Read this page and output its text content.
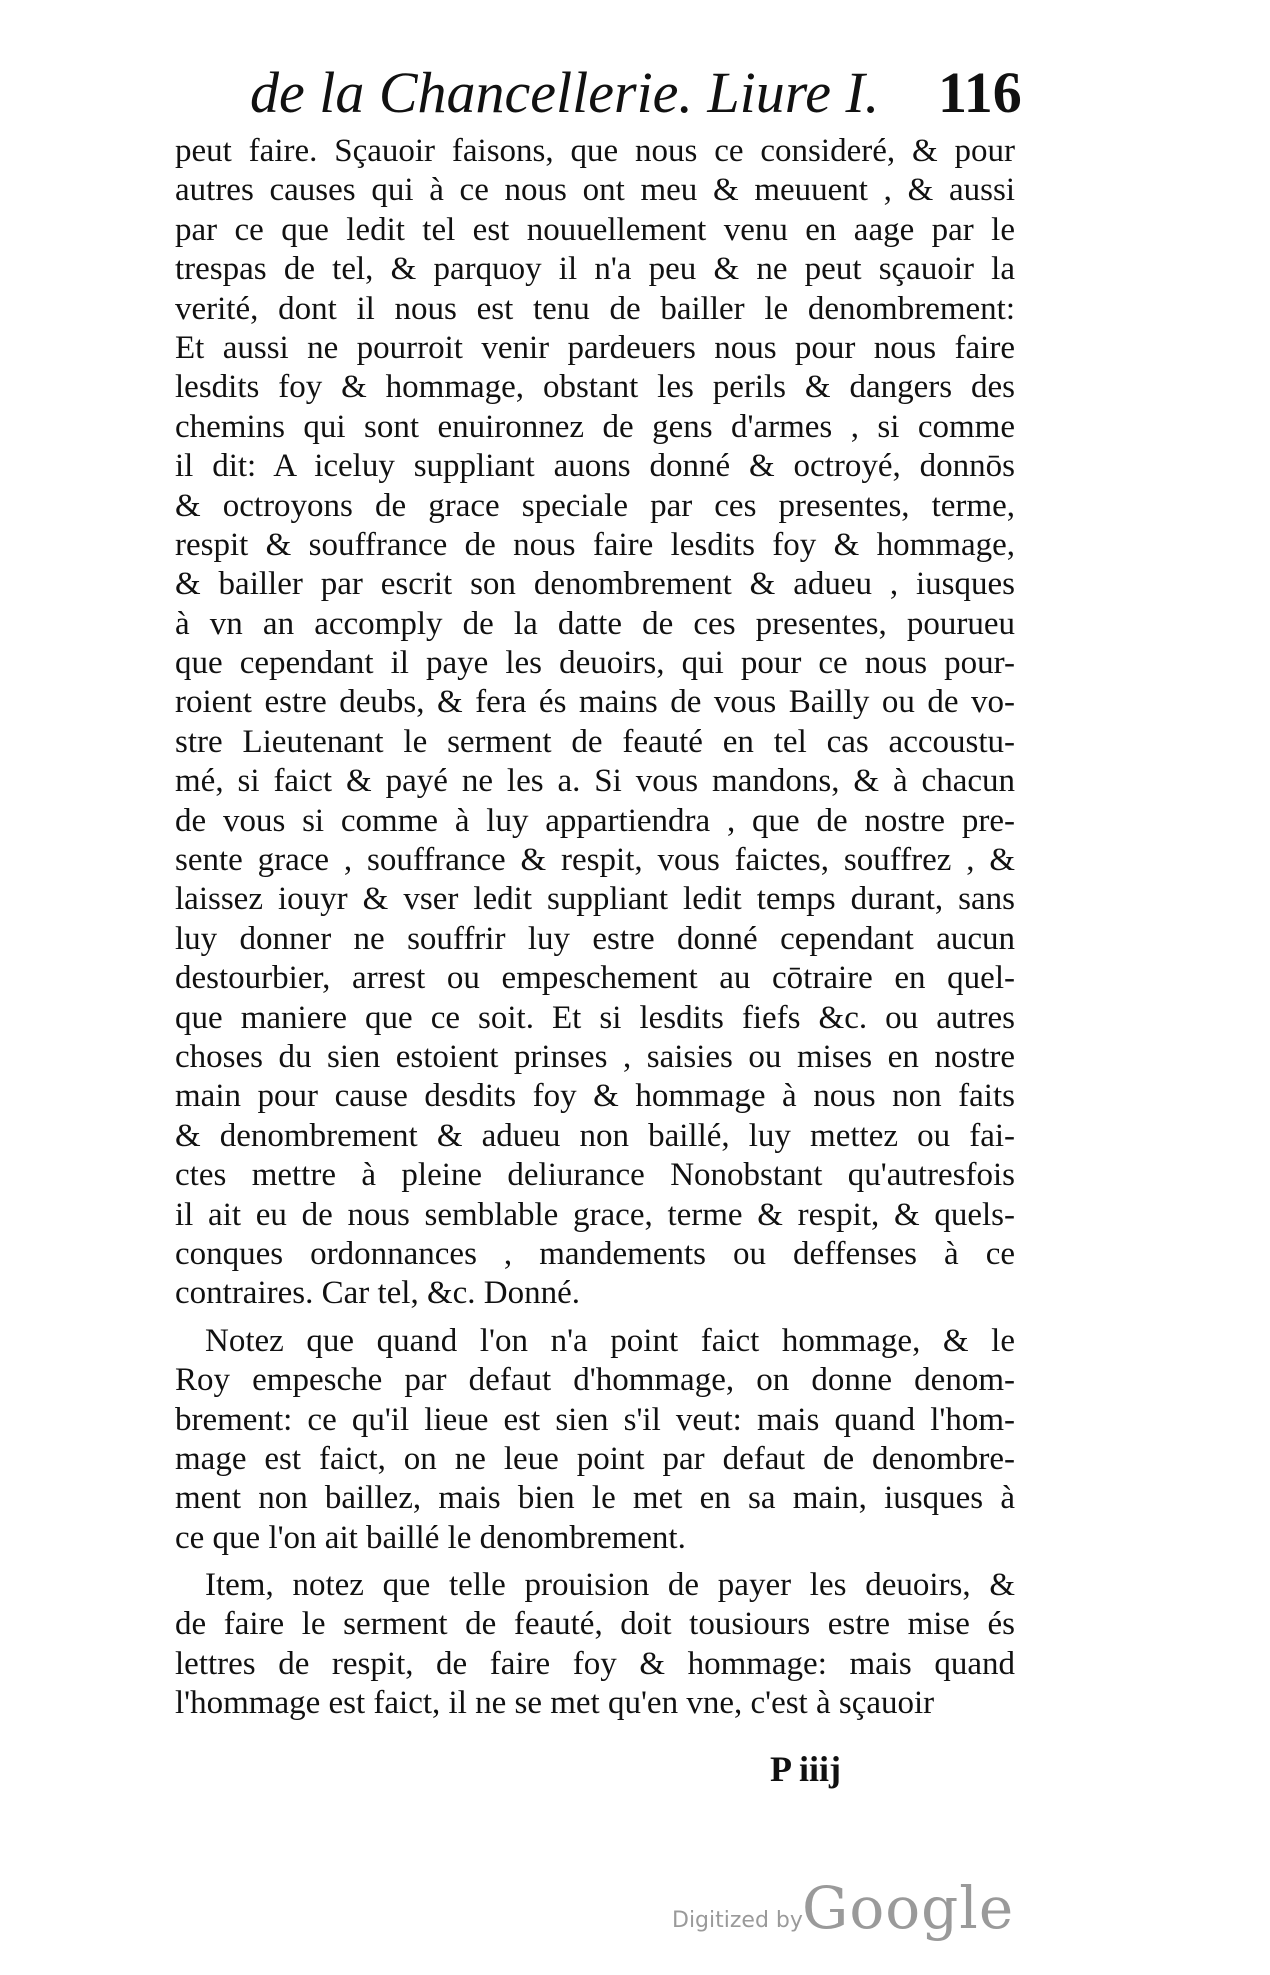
de la Chancellerie. Liure I. 116
peut faire. Sçauoir faisons, que nous ce consideré, & pour
autres causes qui à ce nous ont meu & meuuent , & aussi
par ce que ledit tel est nouuellement venu en aage par le
trespas de tel, & parquoy il n'a peu & ne peut sçauoir la
verité, dont il nous est tenu de bailler le denombrement:
Et aussi ne pourroit venir pardeuers nous pour nous faire
lesdits foy & hommage, obstant les perils & dangers des
chemins qui sont enuironnez de gens d'armes , si comme
il dit: A iceluy suppliant auons donné & octroyé, donnōs
& octroyons de grace speciale par ces presentes, terme,
respit & souffrance de nous faire lesdits foy & hommage,
& bailler par escrit son denombrement & adueu , iusques
à vn an accomply de la datte de ces presentes, pourueu
que cependant il paye les deuoirs, qui pour ce nous pour-
roient estre deubs, & fera és mains de vous Bailly ou de vo-
stre Lieutenant le serment de feauté en tel cas accoustu-
mé, si faict & payé ne les a. Si vous mandons, & à chacun
de vous si comme à luy appartiendra , que de nostre pre-
sente grace , souffrance & respit, vous faictes, souffrez , &
laissez iouyr & vser ledit suppliant ledit temps durant, sans
luy donner ne souffrir luy estre donné cependant aucun
destourbier, arrest ou empeschement au cōtraire en quel-
que maniere que ce soit. Et si lesdits fiefs &c. ou autres
choses du sien estoient prinses , saisies ou mises en nostre
main pour cause desdits foy & hommage à nous non faits
& denombrement & adueu non baillé, luy mettez ou fai-
ctes mettre à pleine deliurance Nonobstant qu'autresfois
il ait eu de nous semblable grace, terme & respit, & quels-
conques ordonnances , mandements ou deffenses à ce
contraires. Car tel, &c. Donné.
Notez que quand l'on n'a point faict hommage, & le
Roy empesche par defaut d'hommage, on donne denom-
brement: ce qu'il lieue est sien s'il veut: mais quand l'hom-
mage est faict, on ne leue point par defaut de denombre-
ment non baillez, mais bien le met en sa main, iusques à
ce que l'on ait baillé le denombrement.
Item, notez que telle prouision de payer les deuoirs, &
de faire le serment de feauté, doit tousiours estre mise és
lettres de respit, de faire foy & hommage: mais quand
l'hommage est faict, il ne se met qu'en vne, c'est à sçauoir
P iiij
Digitized by Google
